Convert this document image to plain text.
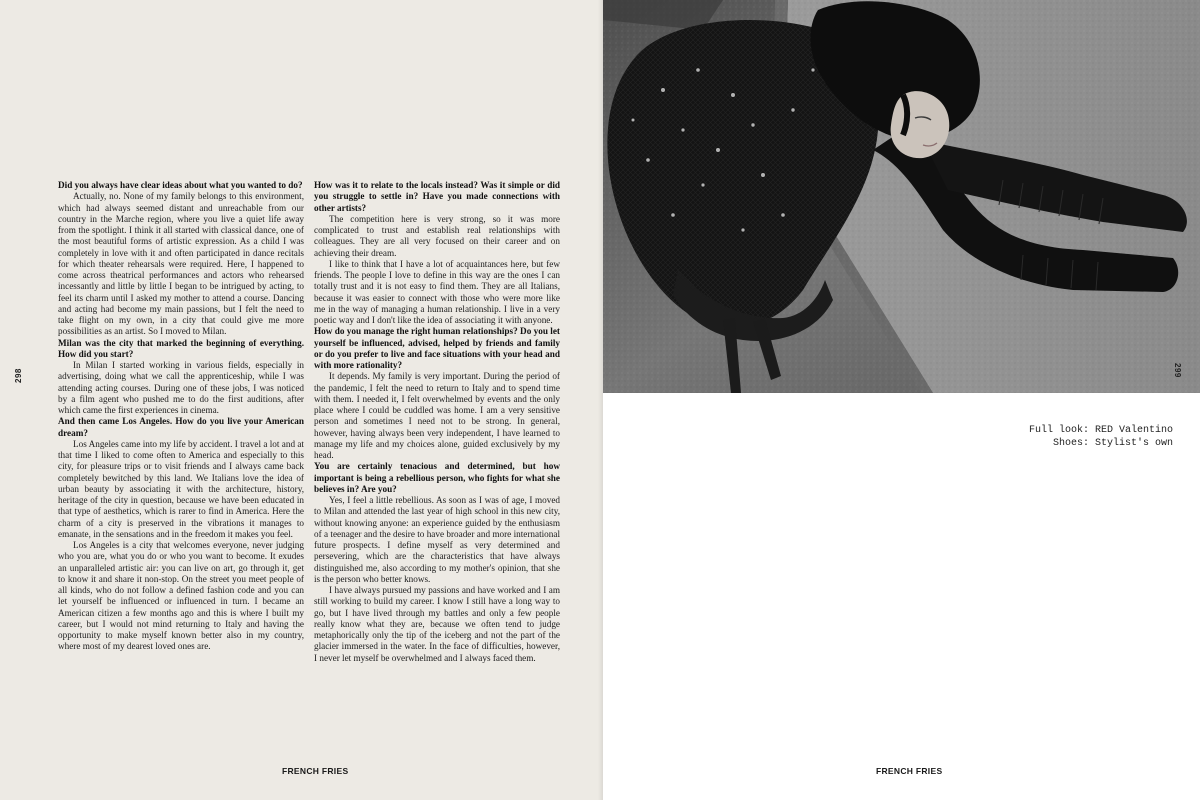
298

Did you always have clear ideas about what you wanted to do?

Actually, no. None of my family belongs to this environment, which had always seemed distant and unreachable from our country in the Marche region, where you live a quiet life away from the spotlight. I think it all started with classical dance, one of the most beautiful forms of artistic expression. As a child I was completely in love with it and often participated in dance recitals for which theater rehearsals were required. Here, I happened to come across theatrical performances and actors who rehearsed incessantly and little by little I began to be intrigued by acting, to feel its charm until I asked my mother to attend a course. Dancing and acting had become my main passions, but I felt the need to take flight on my own, in a city that could give me more possibilities as an artist. So I moved to Milan.

Milan was the city that marked the beginning of everything. How did you start?

In Milan I started working in various fields, especially in advertising, doing what we call the apprenticeship, while I was attending acting courses. During one of these jobs, I was noticed by a film agent who pushed me to do the first auditions, after which came the first experiences in cinema.

And then came Los Angeles. How do you live your American dream?

Los Angeles came into my life by accident. I travel a lot and at that time I liked to come often to America and especially to this city, for pleasure trips or to visit friends and I always came back completely bewitched by this land. We Italians love the idea of urban beauty by associating it with the architecture, history, heritage of the city in question, because we have been educated in that type of aesthetics, which is rarer to find in America. Here the charm of a city is preserved in the vibrations it manages to emanate, in the sensations and in the freedom it makes you feel.

Los Angeles is a city that welcomes everyone, never judging who you are, what you do or who you want to become. It exudes an unparalleled artistic air: you can live on art, go through it, get to know it and share it non-stop. On the street you meet people of all kinds, who do not follow a defined fashion code and you can let yourself be influenced or influenced in turn. I became an American citizen a few months ago and this is where I built my career, but I would not mind returning to Italy and having the opportunity to make myself known better also in my country, where most of my dearest loved ones are.

How was it to relate to the locals instead? Was it simple or did you struggle to settle in? Have you made connections with other artists?

The competition here is very strong, so it was more complicated to trust and establish real relationships with colleagues. They are all very focused on their career and on achieving their dream.

I like to think that I have a lot of acquaintances here, but few friends. The people I love to define in this way are the ones I can totally trust and it is not easy to find them. They are all Italians, because it was easier to connect with those who were more like me in the way of managing a human relationship. I live in a very poetic way and I don't like the idea of associating it with anyone.

How do you manage the right human relationships? Do you let yourself be influenced, advised, helped by friends and family or do you prefer to live and face situations with your head and with more rationality?

It depends. My family is very important. During the period of the pandemic, I felt the need to return to Italy and to spend time with them. I needed it, I felt overwhelmed by events and the only place where I could be cuddled was home. I am a very sensitive person and sometimes I need not to be strong. In general, however, having always been very independent, I have learned to manage my life and my choices alone, guided exclusively by my head.

You are certainly tenacious and determined, but how important is being a rebellious person, who fights for what she believes in? Are you?

Yes, I feel a little rebellious. As soon as I was of age, I moved to Milan and attended the last year of high school in this new city, without knowing anyone: an experience guided by the enthusiasm of a teenager and the desire to have broader and more international future prospects. I define myself as very determined and persevering, which are the characteristics that have always distinguished me, also according to my mother's opinion, that she is the person who better knows.

I have always pursued my passions and have worked and I am still working to build my career. I know I still have a long way to go, but I have lived through my battles and only a few people really know what they are, because we often tend to judge metaphorically only the tip of the iceberg and not the part of the glacier immersed in the water. In the face of difficulties, however, I never let myself be overwhelmed and I always faced them.

FRENCH FRIES	FRENCH FRIES
299
Full look: RED Valentino
Shoes: Stylist's own
